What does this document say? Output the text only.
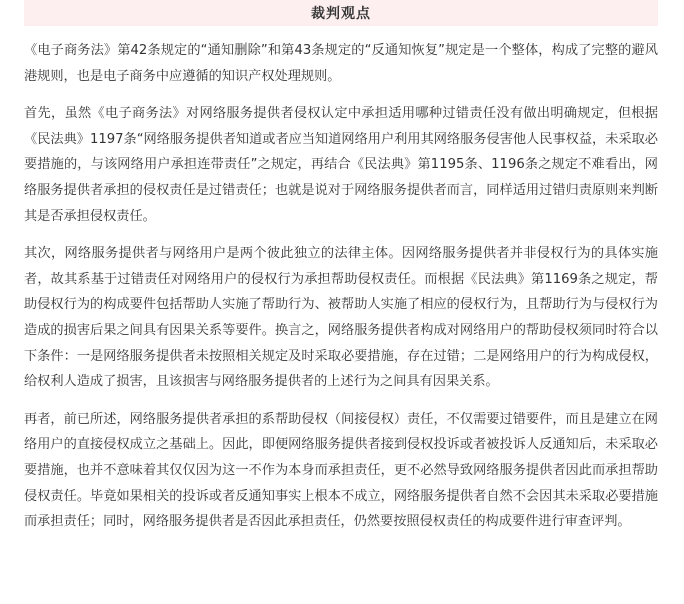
裁判观点

《电子商务法》第42条规定的“通知删除”和第43条规定的“反通知恢复”规定是一个整体，构成了完整的避风港规则，也是电子商务中应遵循的知识产权处理规则。

首先，虽然《电子商务法》对网络服务提供者侵权认定中承担适用哪种过错责任没有做出明确规定，但根据《民法典》1197条“网络服务提供者知道或者应当知道网络用户利用其网络服务侵害他人民事权益，未采取必要措施的，与该网络用户承担连带责任”之规定，再结合《民法典》第1195条、1196条之规定不难看出，网络服务提供者承担的侵权责任是过错责任；也就是说对于网络服务提供者而言，同样适用过错归责原则来判断其是否承担侵权责任。

其次，网络服务提供者与网络用户是两个彼此独立的法律主体。因网络服务提供者并非侵权行为的具体实施者，故其系基于过错责任对网络用户的侵权行为承担帮助侵权责任。而根据《民法典》第1169条之规定，帮助侵权行为的构成要件包括帮助人实施了帮助行为、被帮助人实施了相应的侵权行为，且帮助行为与侵权行为造成的损害后果之间具有因果关系等要件。换言之，网络服务提供者构成对网络用户的帮助侵权须同时符合以下条件：一是网络服务提供者未按照相关规定及时采取必要措施，存在过错；二是网络用户的行为构成侵权，给权利人造成了损害，且该损害与网络服务提供者的上述行为之间具有因果关系。

再者，前已所述，网络服务提供者承担的系帮助侵权（间接侵权）责任，不仅需要过错要件，而且是建立在网络用户的直接侵权成立之基础上。因此，即便网络服务提供者接到侵权投诉或者被投诉人反通知后，未采取必要措施，也并不意味着其仅仅因为这一不作为本身而承担责任，更不必然导致网络服务提供者因此而承担帮助侵权责任。毕竟如果相关的投诉或者反通知事实上根本不成立，网络服务提供者自然不会因其未采取必要措施而承担责任；同时，网络服务提供者是否因此承担责任，仍然要按照侵权责任的构成要件进行审查评判。
